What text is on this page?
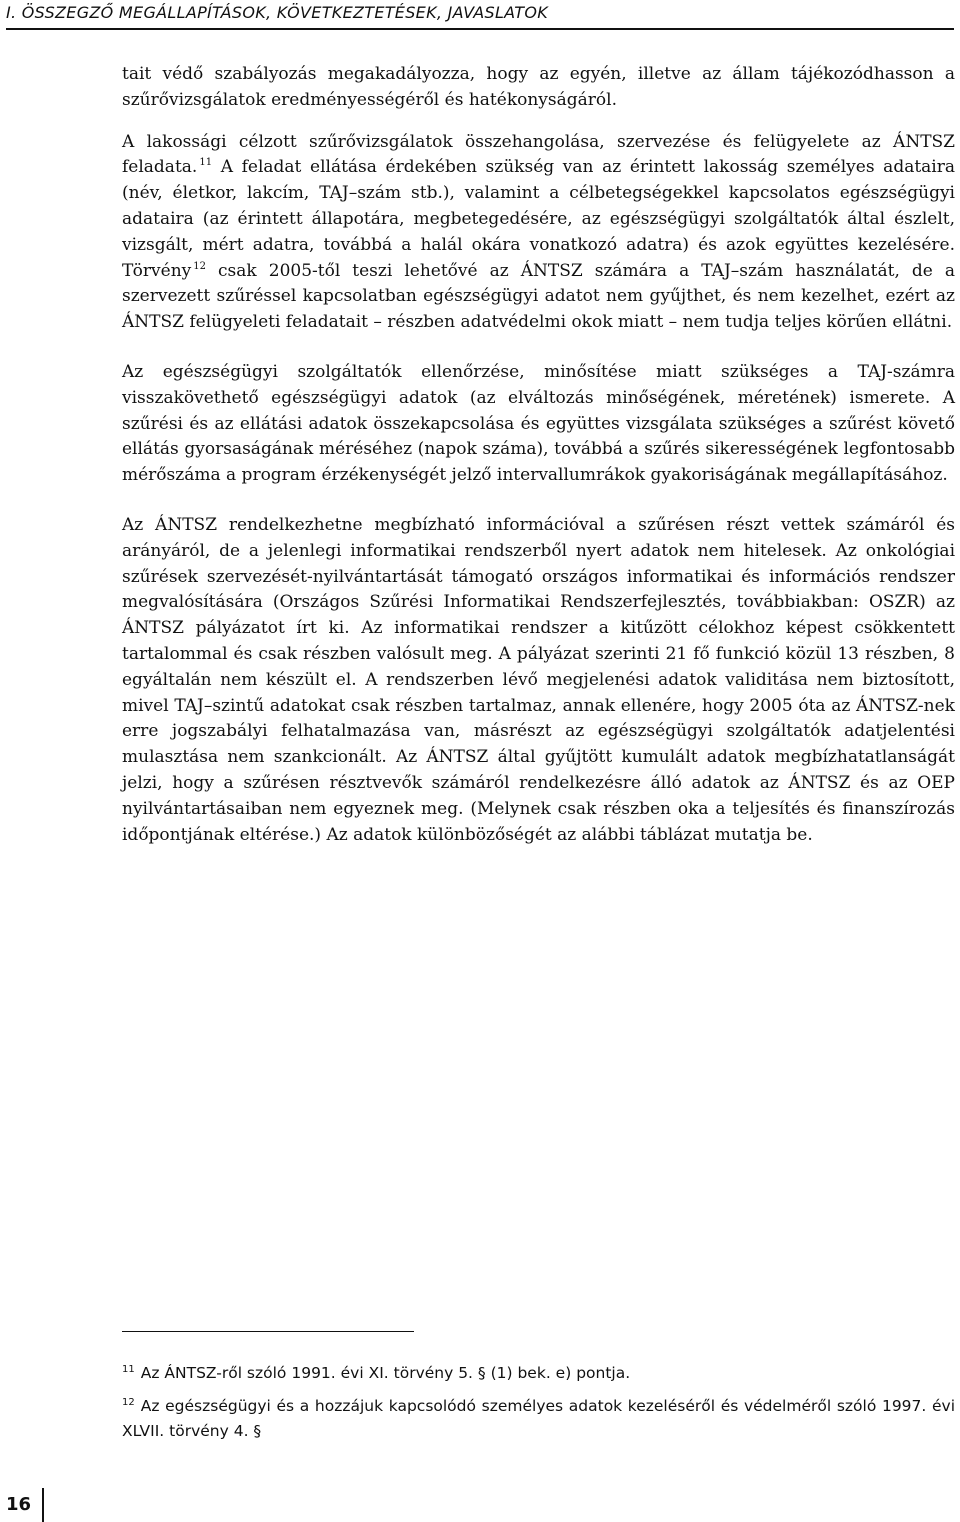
I. ÖSSZEGZŐ MEGÁLLAPÍTÁSOK, KÖVETKEZTETÉSEK, JAVASLATOK

tait védő szabályozás megakadályozza, hogy az egyén, illetve az állam tájékozódhasson a szűrővizsgálatok eredményességéről és hatékonyságáról.

A lakossági célzott szűrővizsgálatok összehangolása, szervezése és felügyelete az ÁNTSZ feladata. $^{11}$ A feladat ellátása érdekében szükség van az érintett lakosság személyes adataira (név, életkor, lakcím, TAJ–szám stb.), valamint a célbetegségekkel kapcsolatos egészségügyi adataira (az érintett állapotára, megbetegedésére, az egészségügyi szolgáltatók által észlelt, vizsgált, mért adatra, továbbá a halál okára vonatkozó adatra) és azok együttes kezelésére. Törvény $^{12}$ csak 2005-től teszi lehetővé az ÁNTSZ számára a TAJ–szám használatát, de a szervezett szűréssel kapcsolatban egészségügyi adatot nem gyűjthet, és nem kezelhet, ezért az ÁNTSZ felügyeleti feladatait – részben adatvédelmi okok miatt – nem tudja teljes körűen ellátni.

Az egészségügyi szolgáltatók ellenőrzése, minősítése miatt szükséges a TAJ-számra visszakövethető egészségügyi adatok (az elváltozás minőségének, méretének) ismerete. A szűrési és az ellátási adatok összekapcsolása és együttes vizsgálata szükséges a szűrést követő ellátás gyorsaságának méréséhez (napok száma), továbbá a szűrés sikerességének legfontosabb mérőszáma a program érzékenységét jelző intervallumrákok gyakoriságának megállapításához.

Az ÁNTSZ rendelkezhetne megbízható információval a szűrésen részt vettek számáról és arányáról, de a jelenlegi informatikai rendszerből nyert adatok nem hitelesek. Az onkológiai szűrések szervezését-nyilvántartását támogató országos informatikai és információs rendszer megvalósítására (Országos Szűrési Informatikai Rendszerfejlesztés, továbbiakban: OSZR) az ÁNTSZ pályázatot írt ki. Az informatikai rendszer a kitűzött célokhoz képest csökkentett tartalommal és csak részben valósult meg. A pályázat szerinti 21 fő funkció közül 13 részben, 8 egyáltalán nem készült el. A rendszerben lévő megjelenési adatok validitása nem biztosított, mivel TAJ–szintű adatokat csak részben tartalmaz, annak ellenére, hogy 2005 óta az ÁNTSZ-nek erre jogszabályi felhatalmazása van, másrészt az egészségügyi szolgáltatók adatjelentési mulasztása nem szankcionált. Az ÁNTSZ által gyűjtött kumulált adatok megbízhatatlanságát jelzi, hogy a szűrésen résztvevők számáról rendelkezésre álló adatok az ÁNTSZ és az OEP nyilvántartásaiban nem egyeznek meg. (Melynek csak részben oka a teljesítés és finanszírozás időpontjának eltérése.) Az adatok különbözőségét az alábbi táblázat mutatja be.

$^{11}$ Az ÁNTSZ-ről szóló 1991. évi XI. törvény 5. § (1) bek. e) pontja.

$^{12}$ Az egészségügyi és a hozzájuk kapcsolódó személyes adatok kezeléséről és védelméről szóló 1997. évi XLVII. törvény 4. §

16
